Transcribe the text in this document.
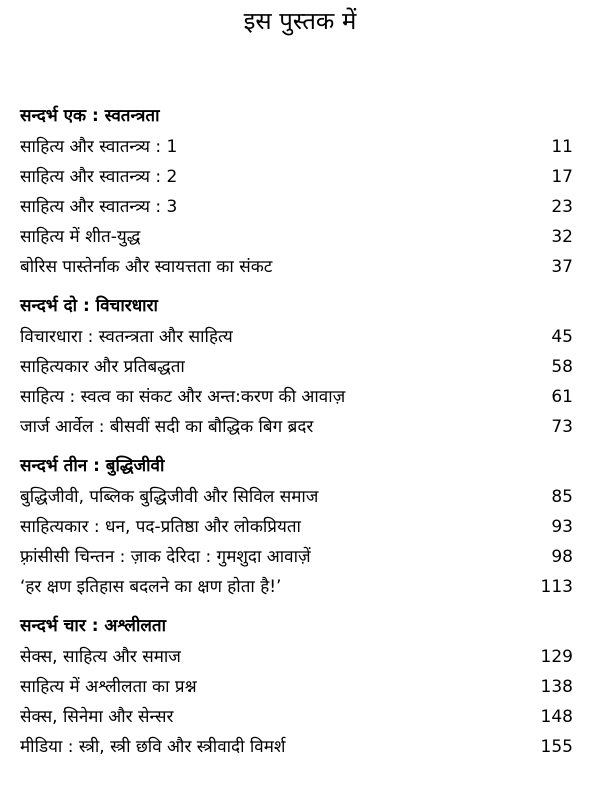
इस पुस्तक में
सन्दर्भ एक : स्वतन्त्रता
साहित्य और स्वातन्त्र्य : 1	11
साहित्य और स्वातन्त्र्य : 2	17
साहित्य और स्वातन्त्र्य : 3	23
साहित्य में शीत-युद्ध	32
बोरिस पास्तेर्नाक और स्वायत्तता का संकट	37
सन्दर्भ दो : विचारधारा
विचारधारा : स्वतन्त्रता और साहित्य	45
साहित्यकार और प्रतिबद्धता	58
साहित्य : स्वत्व का संकट और अन्त:करण की आवाज़	61
जार्ज आर्वेल : बीसवीं सदी का बौद्धिक बिग ब्रदर	73
सन्दर्भ तीन : बुद्धिजीवी
बुद्धिजीवी, पब्लिक बुद्धिजीवी और सिविल समाज	85
साहित्यकार : धन, पद-प्रतिष्ठा और लोकप्रियता	93
फ़्रांसीसी चिन्तन : ज़ाक देरिदा : गुमशुदा आवाज़ें	98
‘हर क्षण इतिहास बदलने का क्षण होता है!’	113
सन्दर्भ चार : अश्लीलता
सेक्स, साहित्य और समाज	129
साहित्य में अश्लीलता का प्रश्न	138
सेक्स, सिनेमा और सेन्सर	148
मीडिया : स्त्री, स्त्री छवि और स्त्रीवादी विमर्श	155
